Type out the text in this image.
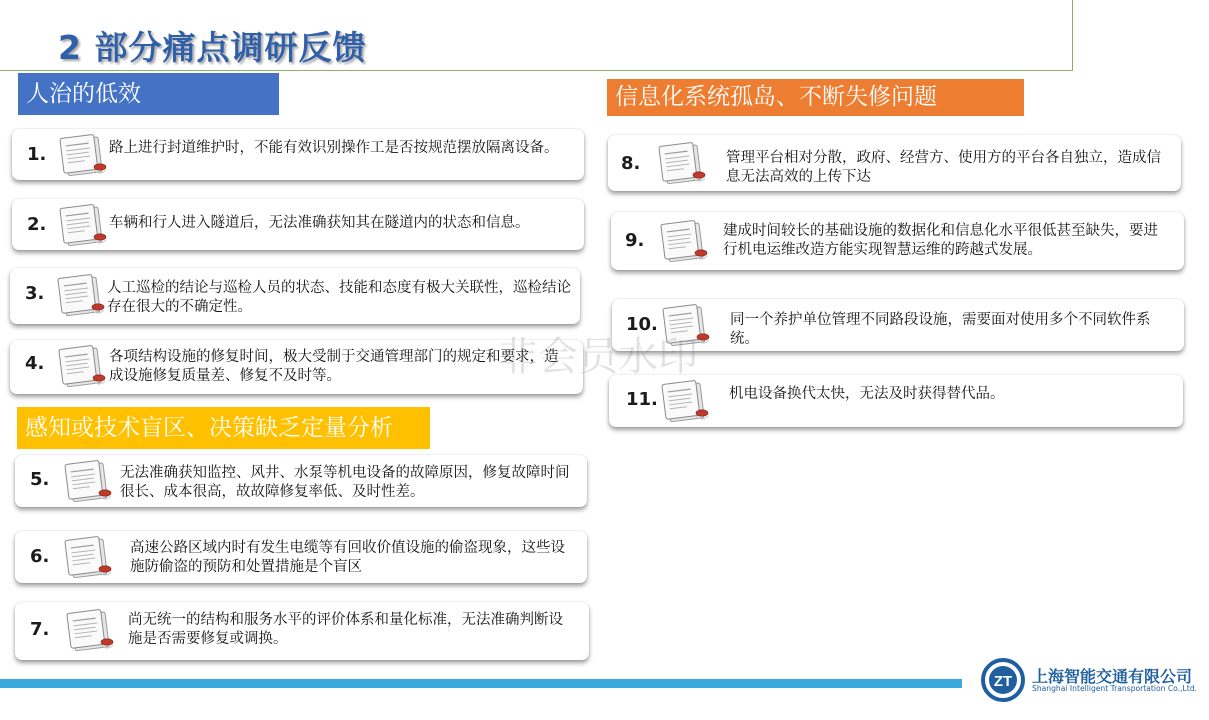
2 部分痛点调研反馈
人治的低效
感知或技术盲区、决策缺乏定量分析
信息化系统孤岛、不断失修问题
1.	路上进行封道维护时，不能有效识别操作工是否按规范摆放隔离设备。
2.	车辆和行人进入隧道后，无法准确获知其在隧道内的状态和信息。
3.	人工巡检的结论与巡检人员的状态、技能和态度有极大关联性，巡检结论存在很大的不确定性。
4.	各项结构设施的修复时间，极大受制于交通管理部门的规定和要求，造成设施修复质量差、修复不及时等。
5.	无法准确获知监控、风井、水泵等机电设备的故障原因，修复故障时间很长、成本很高，故故障修复率低、及时性差。
6.	高速公路区域内时有发生电缆等有回收价值设施的偷盗现象，这些设施防偷盗的预防和处置措施是个盲区
7.	尚无统一的结构和服务水平的评价体系和量化标准，无法准确判断设施是否需要修复或调换。
8.	管理平台相对分散，政府、经营方、使用方的平台各自独立，造成信息无法高效的上传下达
9.	建成时间较长的基础设施的数据化和信息化水平很低甚至缺失，要进行机电运维改造方能实现智慧运维的跨越式发展。
10.	同一个养护单位管理不同路段设施，需要面对使用多个不同软件系统。
11.	机电设备换代太快，无法及时获得替代品。
非会员水印
ZT 上海智能交通有限公司
Shanghai Intelligent Transportation Co.,Ltd.
